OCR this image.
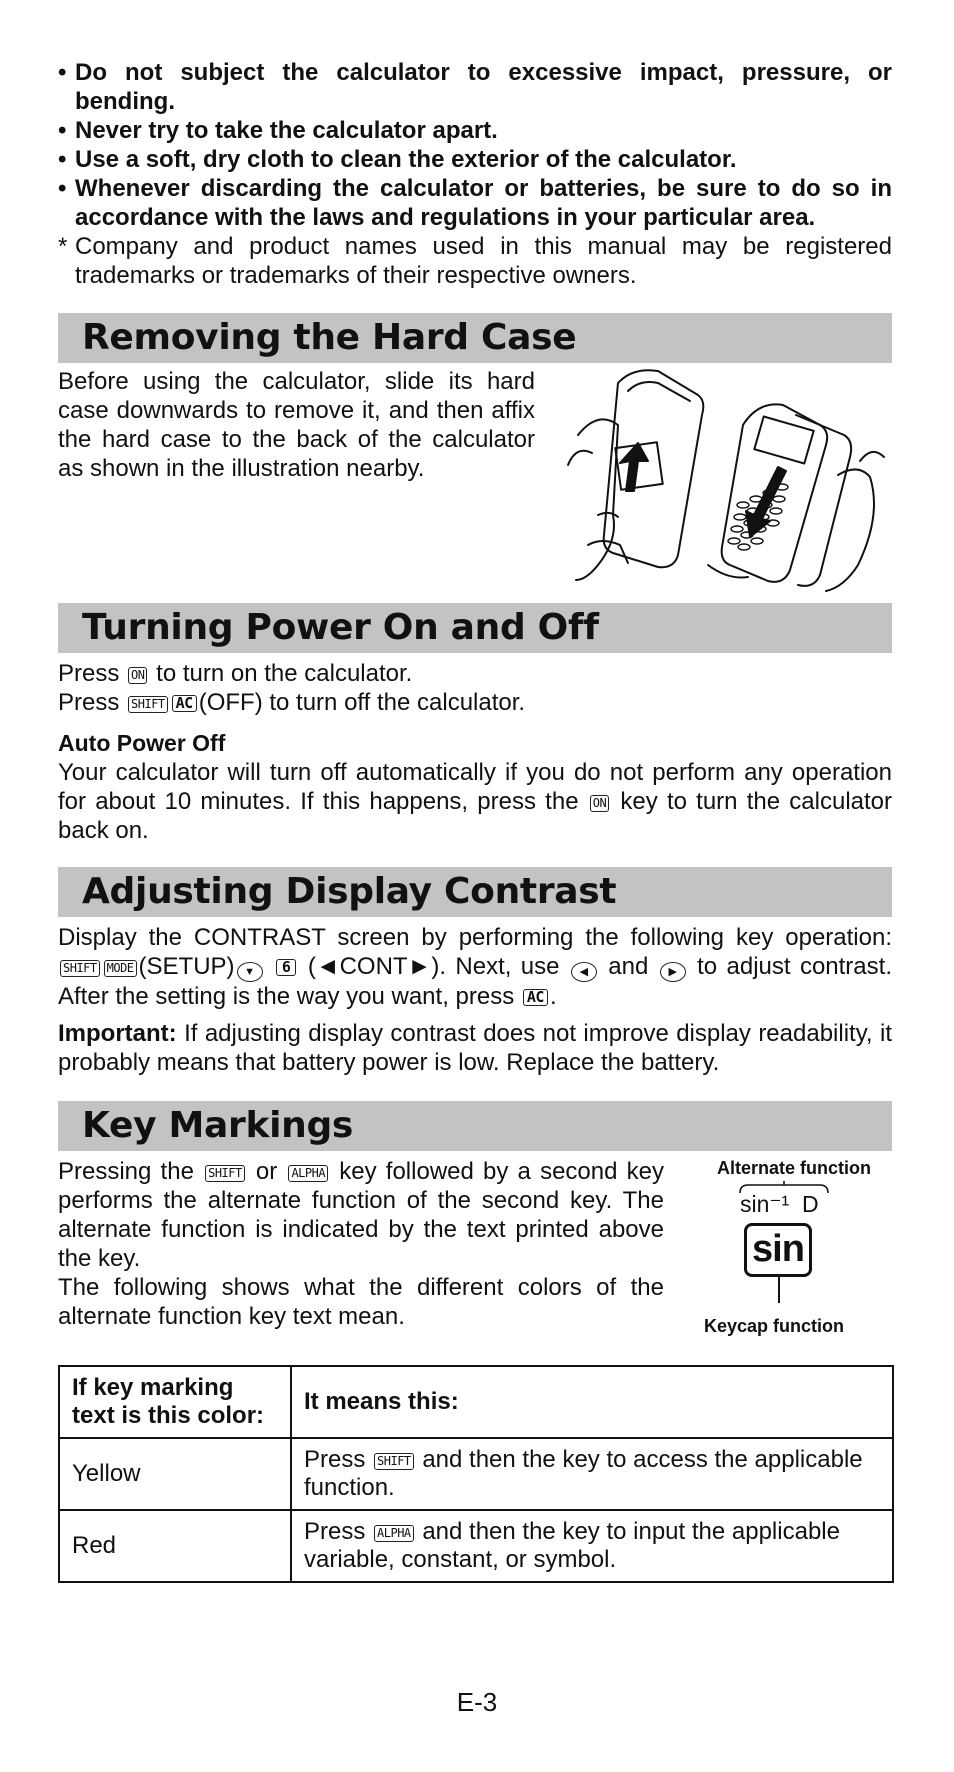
• Do not subject the calculator to excessive impact, pressure, or bending.
• Never try to take the calculator apart.
• Use a soft, dry cloth to clean the exterior of the calculator.
• Whenever discarding the calculator or batteries, be sure to do so in accordance with the laws and regulations in your particular area.
* Company and product names used in this manual may be registered trademarks or trademarks of their respective owners.
Removing the Hard Case

Before using the calculator, slide its hard case downwards to remove it, and then affix the hard case to the back of the calculator as shown in the illustration nearby.

Turning Power On and Off

Press ON to turn on the calculator.

Press SHIFT AC (OFF) to turn off the calculator.

Auto Power Off

Your calculator will turn off automatically if you do not perform any operation for about 10 minutes. If this happens, press the ON key to turn the calculator back on.

Adjusting Display Contrast

Display the CONTRAST screen by performing the following key operation: SHIFT MODE (SETUP) ▼ 6 (◄CONT►). Next, use ◀ and ▶ to adjust contrast. After the setting is the way you want, press AC .

Important: If adjusting display contrast does not improve display readability, it probably means that battery power is low. Replace the battery.

Key Markings

Pressing the SHIFT or ALPHA key followed by a second key performs the alternate function of the second key. The alternate function is indicated by the text printed above the key.

The following shows what the different colors of the alternate function key text mean.

Alternate function
sin⁻¹  D
sin
Keycap function
If key marking text is this color:	It means this:
Yellow	Press SHIFT and then the key to access the applicable function.
Red	Press ALPHA and then the key to input the applicable variable, constant, or symbol.
E-3
